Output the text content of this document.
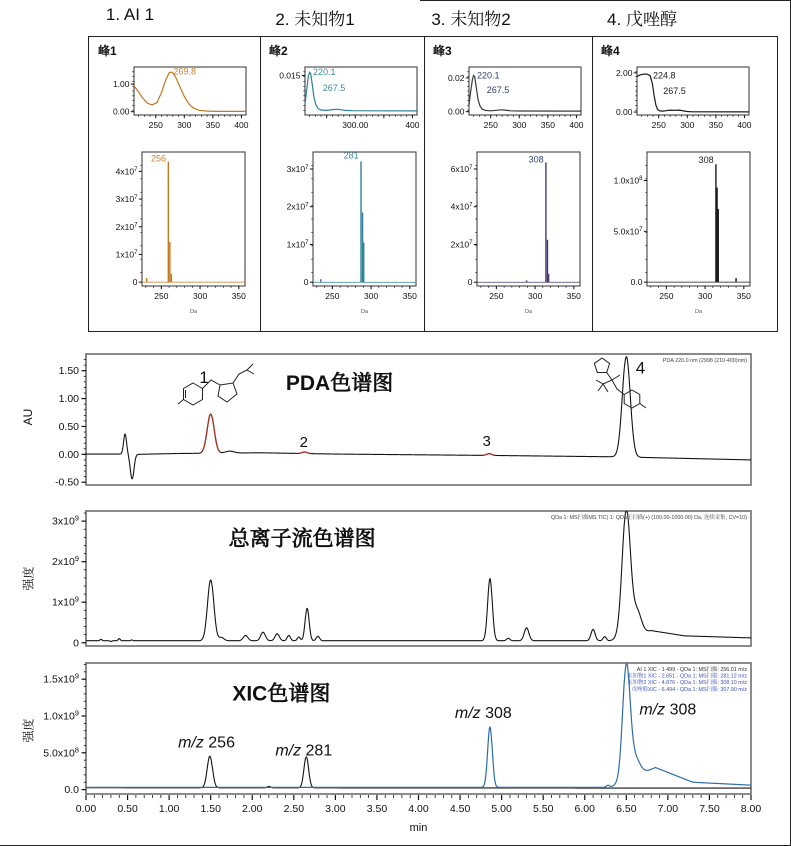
1. AI 1	2. 未知物1	3. 未知物2	4. 戊唑醇
峰1	峰2	峰3	峰4
1.00
0.00
250 300 350 400
269.8	0.015
300.00	400
220.1
267.5
0.02
0.00
250 300 350 400
220.1
267.5
2.00
0.00
250 300 350 400
224.8
267.5
0
$1x10^7$
$2x10^7$
$3x10^7$
$4x10^7$
250	300	350
Da
256
0
$1x10^7$
$2x10^7$
$3x10^7$
250	300	350
Da
281
0
$2x10^7$
$4x10^7$
$6x10^7$
250	300	350
Da
308
0.0
$5.0x10^7$
$1.0x10^8$
250	300	350
Da
308
AU
强度
强度
1.50
1.00
0.50
0.00
-0.50
PDA色谱图
1
2	3
4	PDA 220.0 nm (2998 (210-400)nm)
$3x10^9$
$2x10^9$
$1x10^9$
0
总离子流色谱图
QDa 1: MS扫描MS TIC( 1: QDa正扫描(+) (100.00-1000.00) Da, 连续采集, CV=10)
$1.5x10^9$
$1.0x10^9$
$5.0x10^8$
0.0
XIC色谱图
m/z 256	m/z 281
m/z 308	m/z 308
AI 1 XIC - 1.499 - QDa 1: MS扫描: 256.01 m/z
未知物1 XIC - 2.651 - QDa 1: MS扫描: 281.12 m/z
未知物2 XIC - 4.876 - QDa 1: MS扫描: 308.10 m/z
戊唑醇XIC - 6.494 - QDa 1: MS扫描: 307.90 m/z
0.00 0.50 1.00 1.50 2.00 2.50 3.00 3.50 4.00 4.50 5.00 5.50 6.00 6.50 7.00 7.50 8.00
min
